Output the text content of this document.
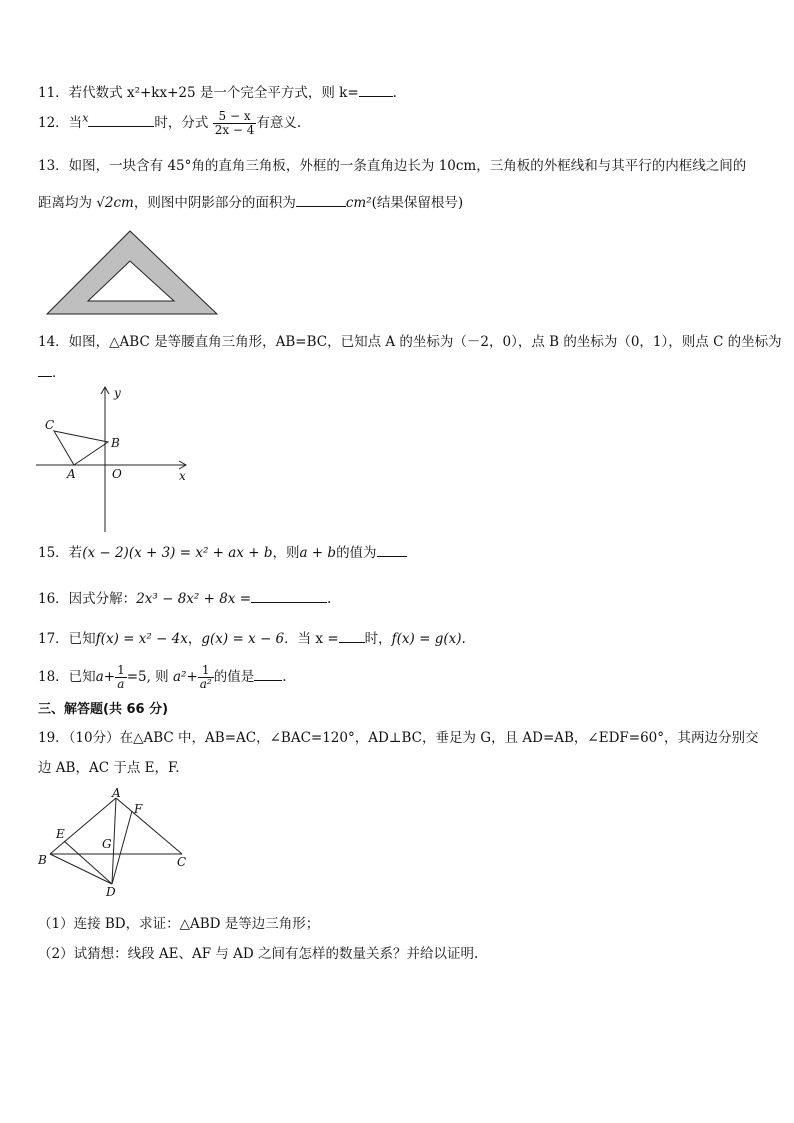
11．若代数式 x²+kx+25 是一个完全平方式，则 k=	.
12．当$^x$	时，分式 $\frac{5 - x}{2x - 4}$ 有意义.
13．如图，一块含有 45°角的直角三角板，外框的一条直角边长为 10cm，三角板的外框线和与其平行的内框线之间的
距离均为 √2cm，则图中阴影部分的面积为	cm²(结果保留根号)
14．如图，△ABC 是等腰直角三角形，AB=BC，已知点 A 的坐标为（－2，0），点 B 的坐标为（0，1），则点 C 的坐标为
．
y
x
C
B
A	O
15．若(x − 2)(x + 3) = x² + ax + b，则a + b的值为
16．因式分解：2x³ − 8x² + 8x =	.
17．已知f(x) = x² − 4x，g(x) = x − 6．当 x = 时，f(x) = g(x).
18．已知$a+ \frac{1}{a} =5$, 则 $a^2+ \frac{1}{\text{a²}}$ 的值是 .
三、解答题(共 66 分)
19．（10分）在△ABC 中，AB=AC，∠BAC=120°，AD⊥BC，垂足为 G，且 AD=AB，∠EDF=60°，其两边分别交
边 AB，AC 于点 E，F.
A
F
E
G
B	C
D
（1）连接 BD，求证：△ABD 是等边三角形；
（2）试猜想：线段 AE、AF 与 AD 之间有怎样的数量关系？并给以证明.
